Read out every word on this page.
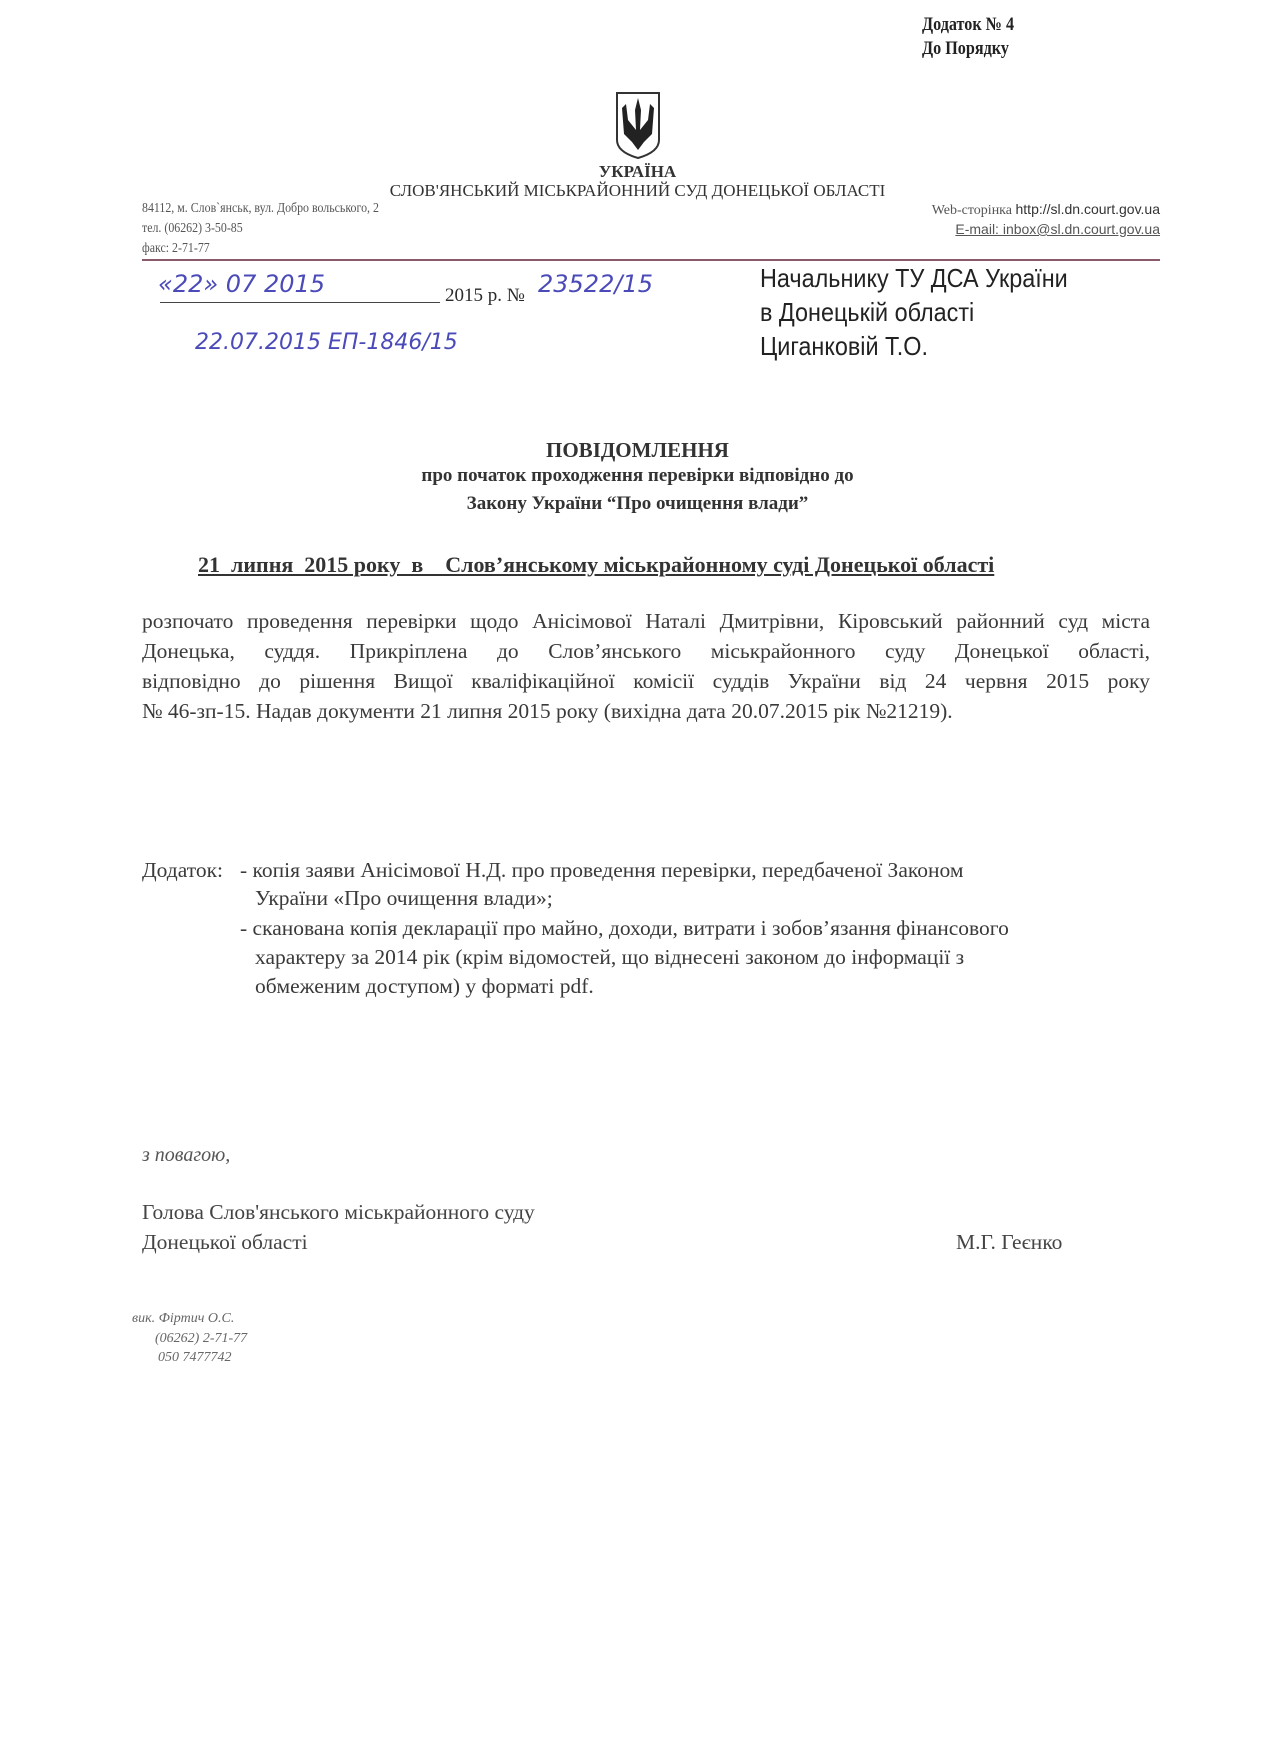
Додаток № 4
До Порядку
УКРАЇНА
СЛОВ'ЯНСЬКИЙ МІСЬКРАЙОННИЙ СУД ДОНЕЦЬКОЇ ОБЛАСТІ
84112, м. Слов`янськ, вул. Добро вольського, 2
тел. (06262) 3-50-85
факс: 2-71-77
Web-сторінка http://sl.dn.court.gov.ua
E-mail: inbox@sl.dn.court.gov.ua
«22» 07 2015	2015 р. № 23522/15
22.07.2015 ЕП-1846/15
Начальнику ТУ ДСА України
в Донецькій області
Циганковій Т.О.
ПОВІДОМЛЕННЯ
про початок проходження перевірки відповідно до
Закону України “Про очищення влади”
21  липня  2015 року  в    Слов’янському міськрайонному суді Донецької області
розпочато проведення перевірки щодо Анісімової Наталі Дмитрівни, Кіровський районний суд міста
Донецька, суддя. Прикріплена до Слов’янського міськрайонного суду Донецької області,
відповідно до рішення Вищої кваліфікаційної комісії суддів України від 24 червня 2015 року
№ 46-зп-15. Надав документи 21 липня 2015 року (вихідна дата 20.07.2015 рік №21219).
Додаток: - копія заяви Анісімової Н.Д. про проведення перевірки, передбаченої Законом
України «Про очищення влади»;
- сканована копія декларації про майно, доходи, витрати і зобов’язання фінансового
характеру за 2014 рік (крім відомостей, що віднесені законом до інформації з
обмеженим доступом) у форматі pdf.
з повагою,
Голова Слов'янського міськрайонного суду
Донецької області	М.Г. Геєнко
вик. Фіртич О.С.
(06262) 2-71-77
050 7477742
